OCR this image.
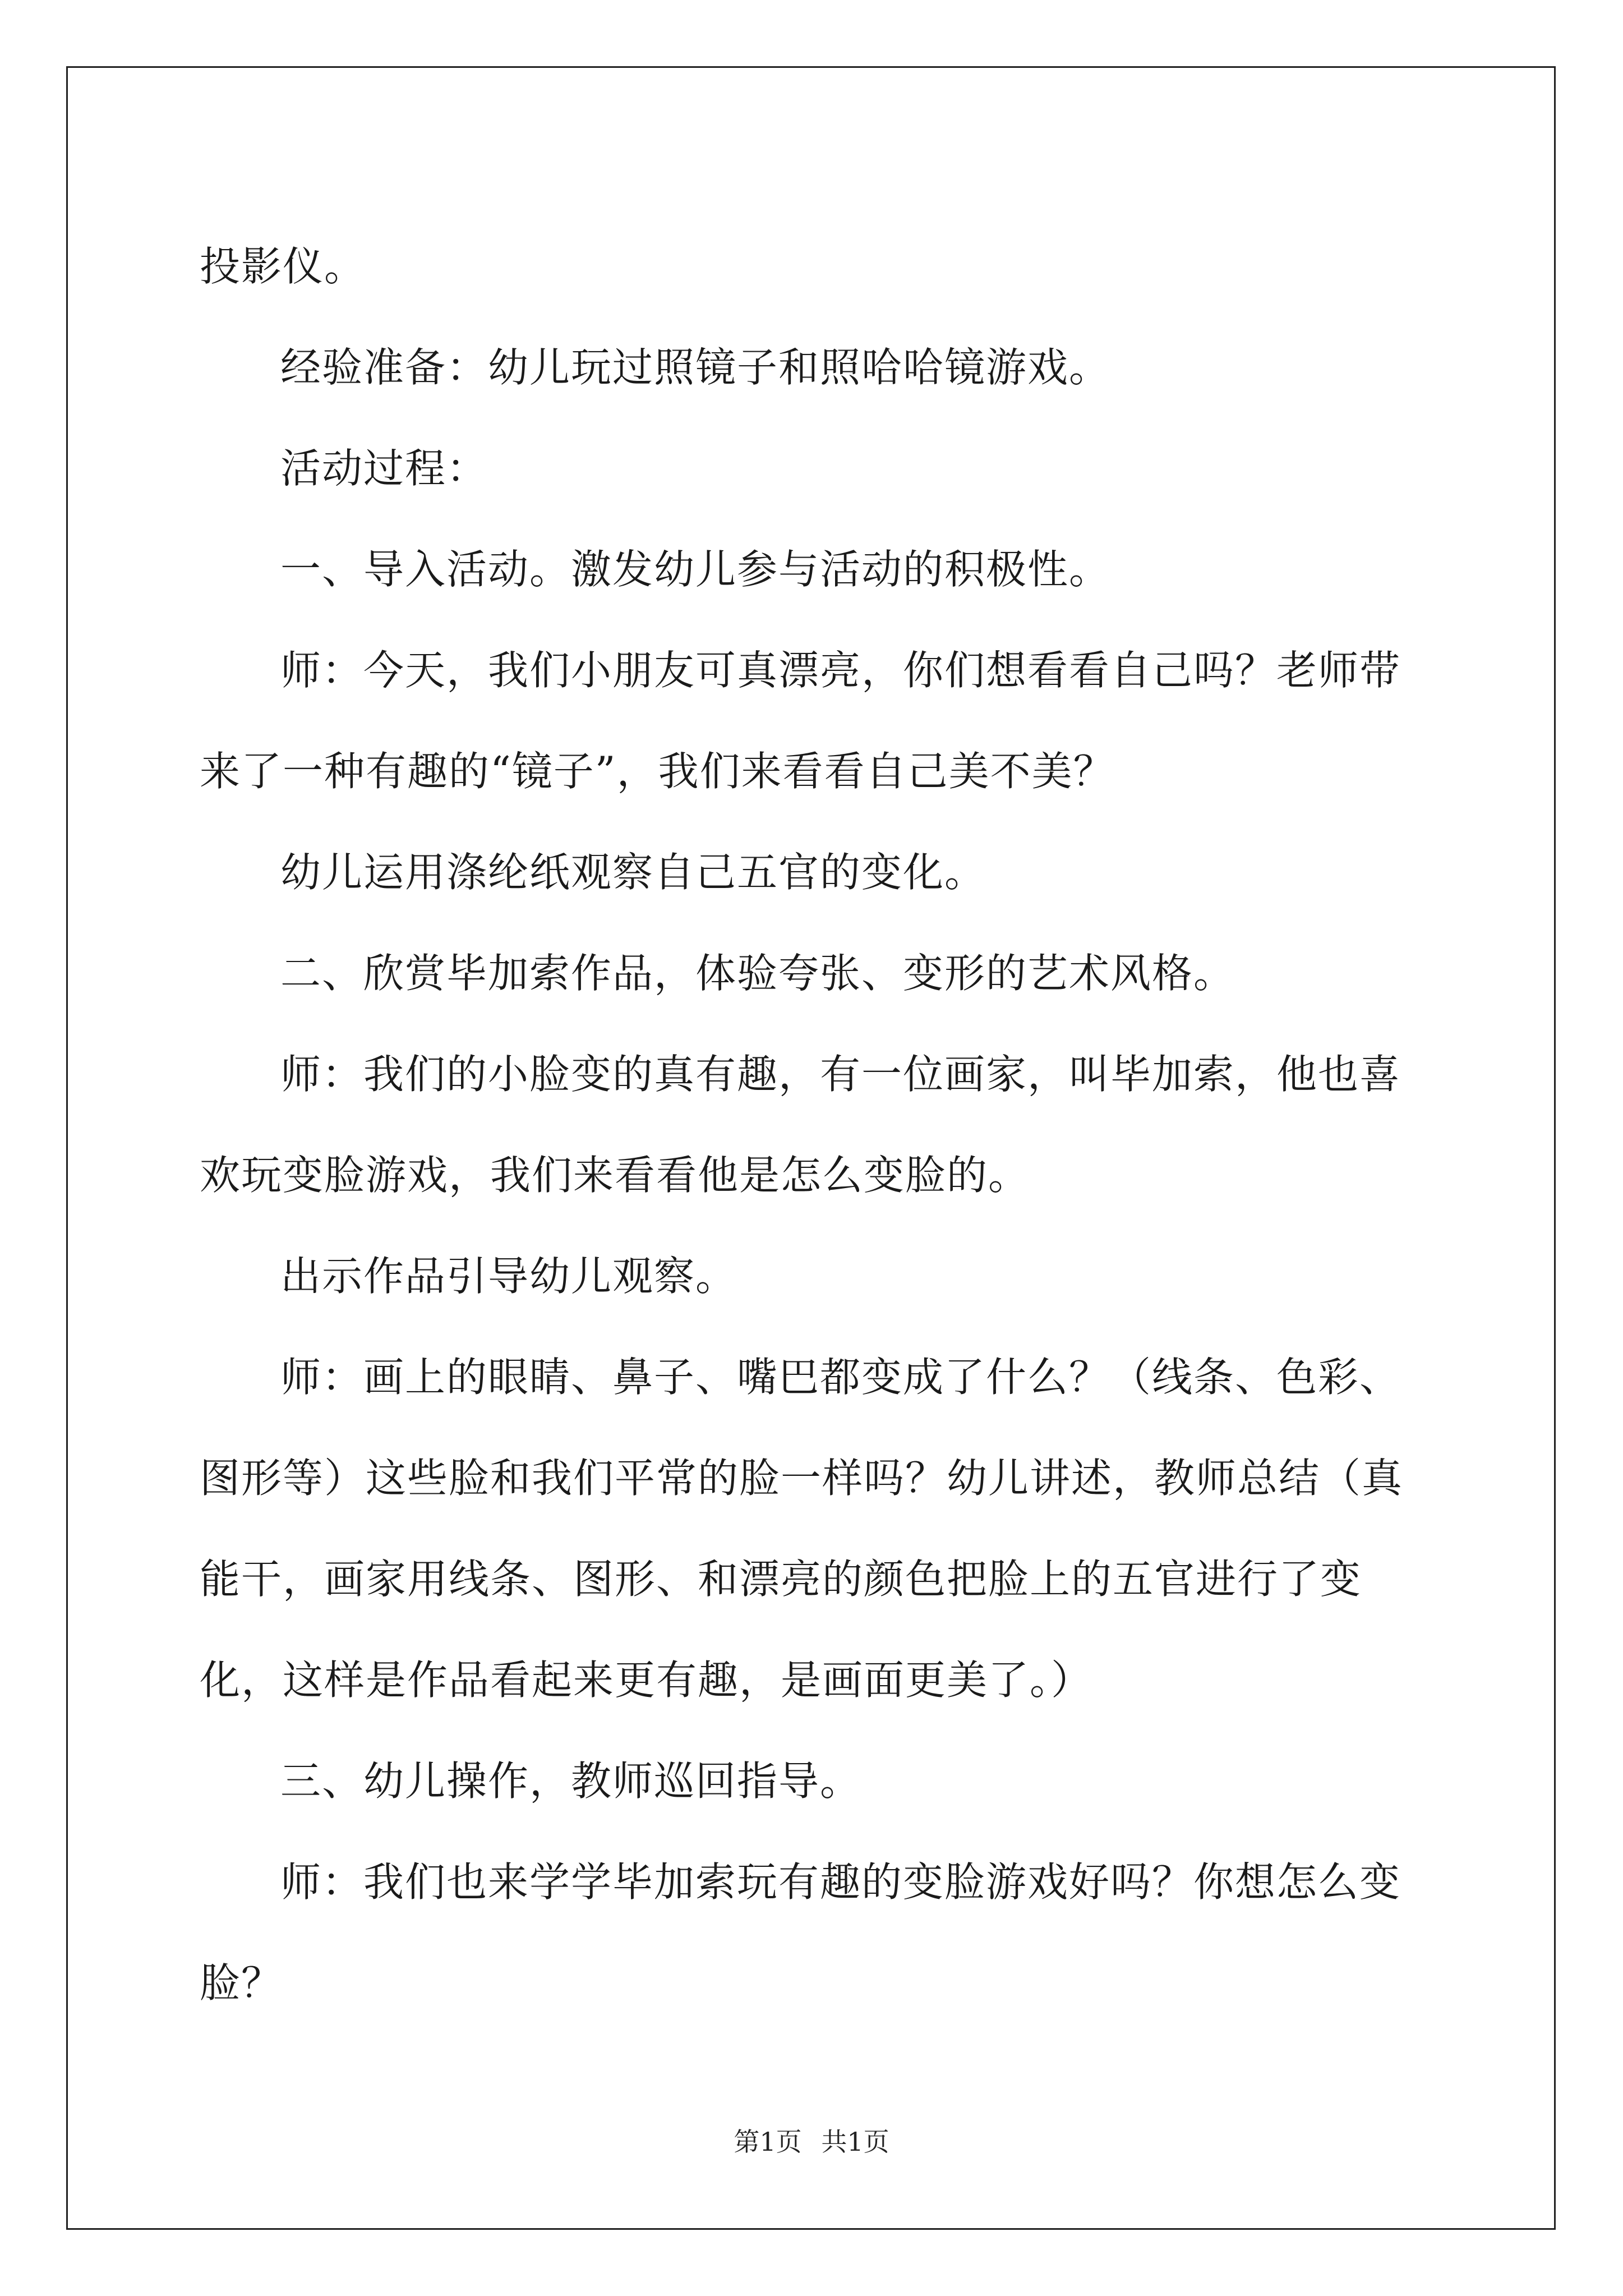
投影仪。

经验准备：幼儿玩过照镜子和照哈哈镜游戏。

活动过程：

一、导入活动。激发幼儿参与活动的积极性。

师：今天，我们小朋友可真漂亮，你们想看看自己吗？老师带来了一种有趣的“镜子”，我们来看看自己美不美？

幼儿运用涤纶纸观察自己五官的变化。

二、欣赏毕加索作品，体验夸张、变形的艺术风格。

师：我们的小脸变的真有趣，有一位画家，叫毕加索，他也喜欢玩变脸游戏，我们来看看他是怎么变脸的。

出示作品引导幼儿观察。

师：画上的眼睛、鼻子、嘴巴都变成了什么？（线条、色彩、图形等）这些脸和我们平常的脸一样吗？幼儿讲述，教师总结（真能干，画家用线条、图形、和漂亮的颜色把脸上的五官进行了变化，这样是作品看起来更有趣，是画面更美了。）

三、幼儿操作，教师巡回指导。

师：我们也来学学毕加索玩有趣的变脸游戏好吗？你想怎么变脸？

第1页 共1页
